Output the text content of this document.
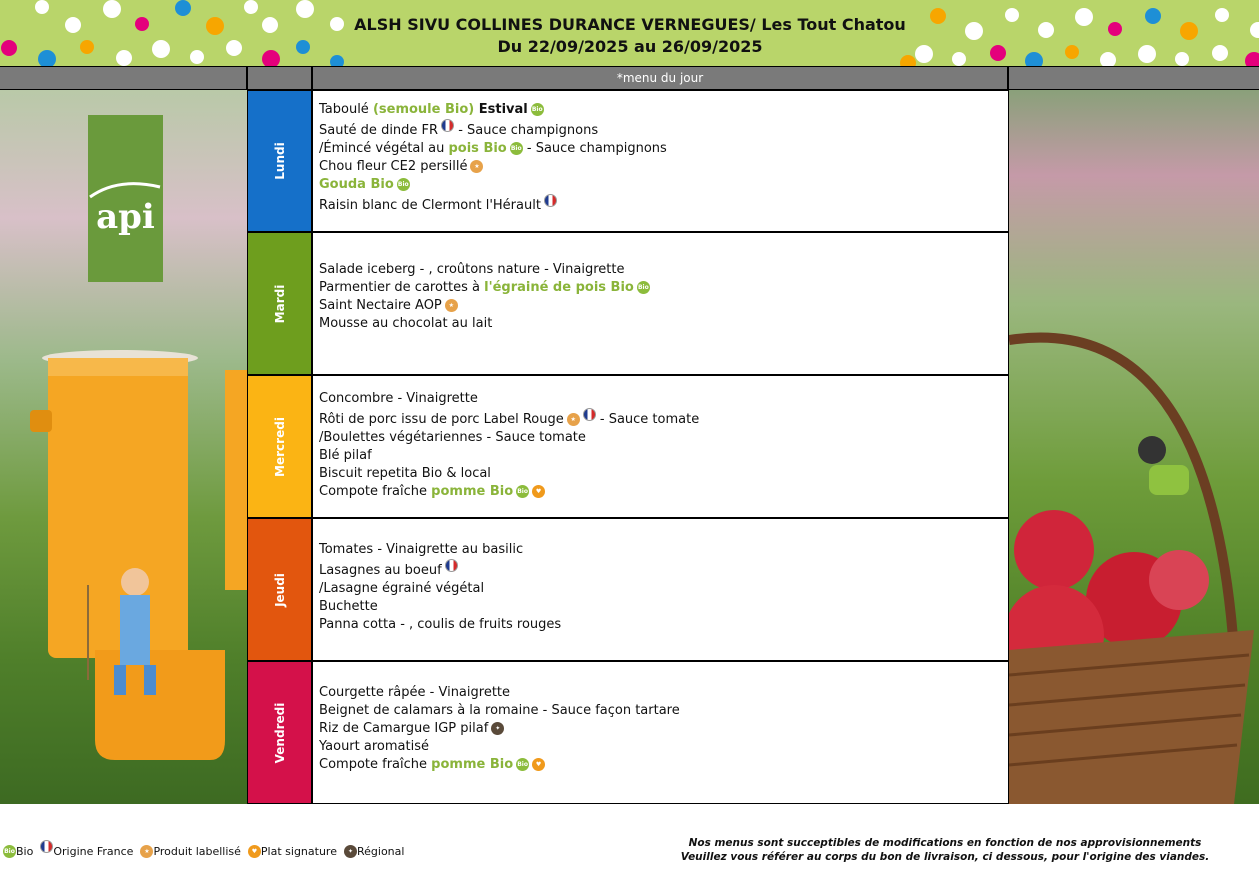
ALSH SIVU COLLINES DURANCE VERNEGUES/ Les Tout Chatou
Du 22/09/2025 au 26/09/2025
*menu du jour
api
Lundi
Taboulé (semoule Bio) Estival Bio
Sauté de dinde FR - Sauce champignons
/Émincé végétal au pois Bio Bio - Sauce champignons
Chou fleur CE2 persillé ★
Gouda Bio Bio
Raisin blanc de Clermont l'Hérault
Mardi
Salade iceberg - , croûtons nature - Vinaigrette
Parmentier de carottes à l'égrainé de pois Bio Bio
Saint Nectaire AOP ★
Mousse au chocolat au lait
Mercredi
Concombre - Vinaigrette
Rôti de porc issu de porc Label Rouge ★ - Sauce tomate
/Boulettes végétariennes - Sauce tomate
Blé pilaf
Biscuit repetita Bio & local
Compote fraîche pomme Bio Bio ♥
Jeudi
Tomates - Vinaigrette au basilic
Lasagnes au boeuf
/Lasagne égrainé végétal
Buchette
Panna cotta - , coulis de fruits rouges
Vendredi
Courgette râpée - Vinaigrette
Beignet de calamars à la romaine - Sauce façon tartare
Riz de Camargue IGP pilaf ✦
Yaourt aromatisé
Compote fraîche pomme Bio Bio ♥
BioBio Origine France ★ Produit labellisé ♥ Plat signature ✦ Régional
Nos menus sont succeptibles de modifications en fonction de nos approvisionnements
Veuillez vous référer au corps du bon de livraison, ci dessous, pour l'origine des viandes.
